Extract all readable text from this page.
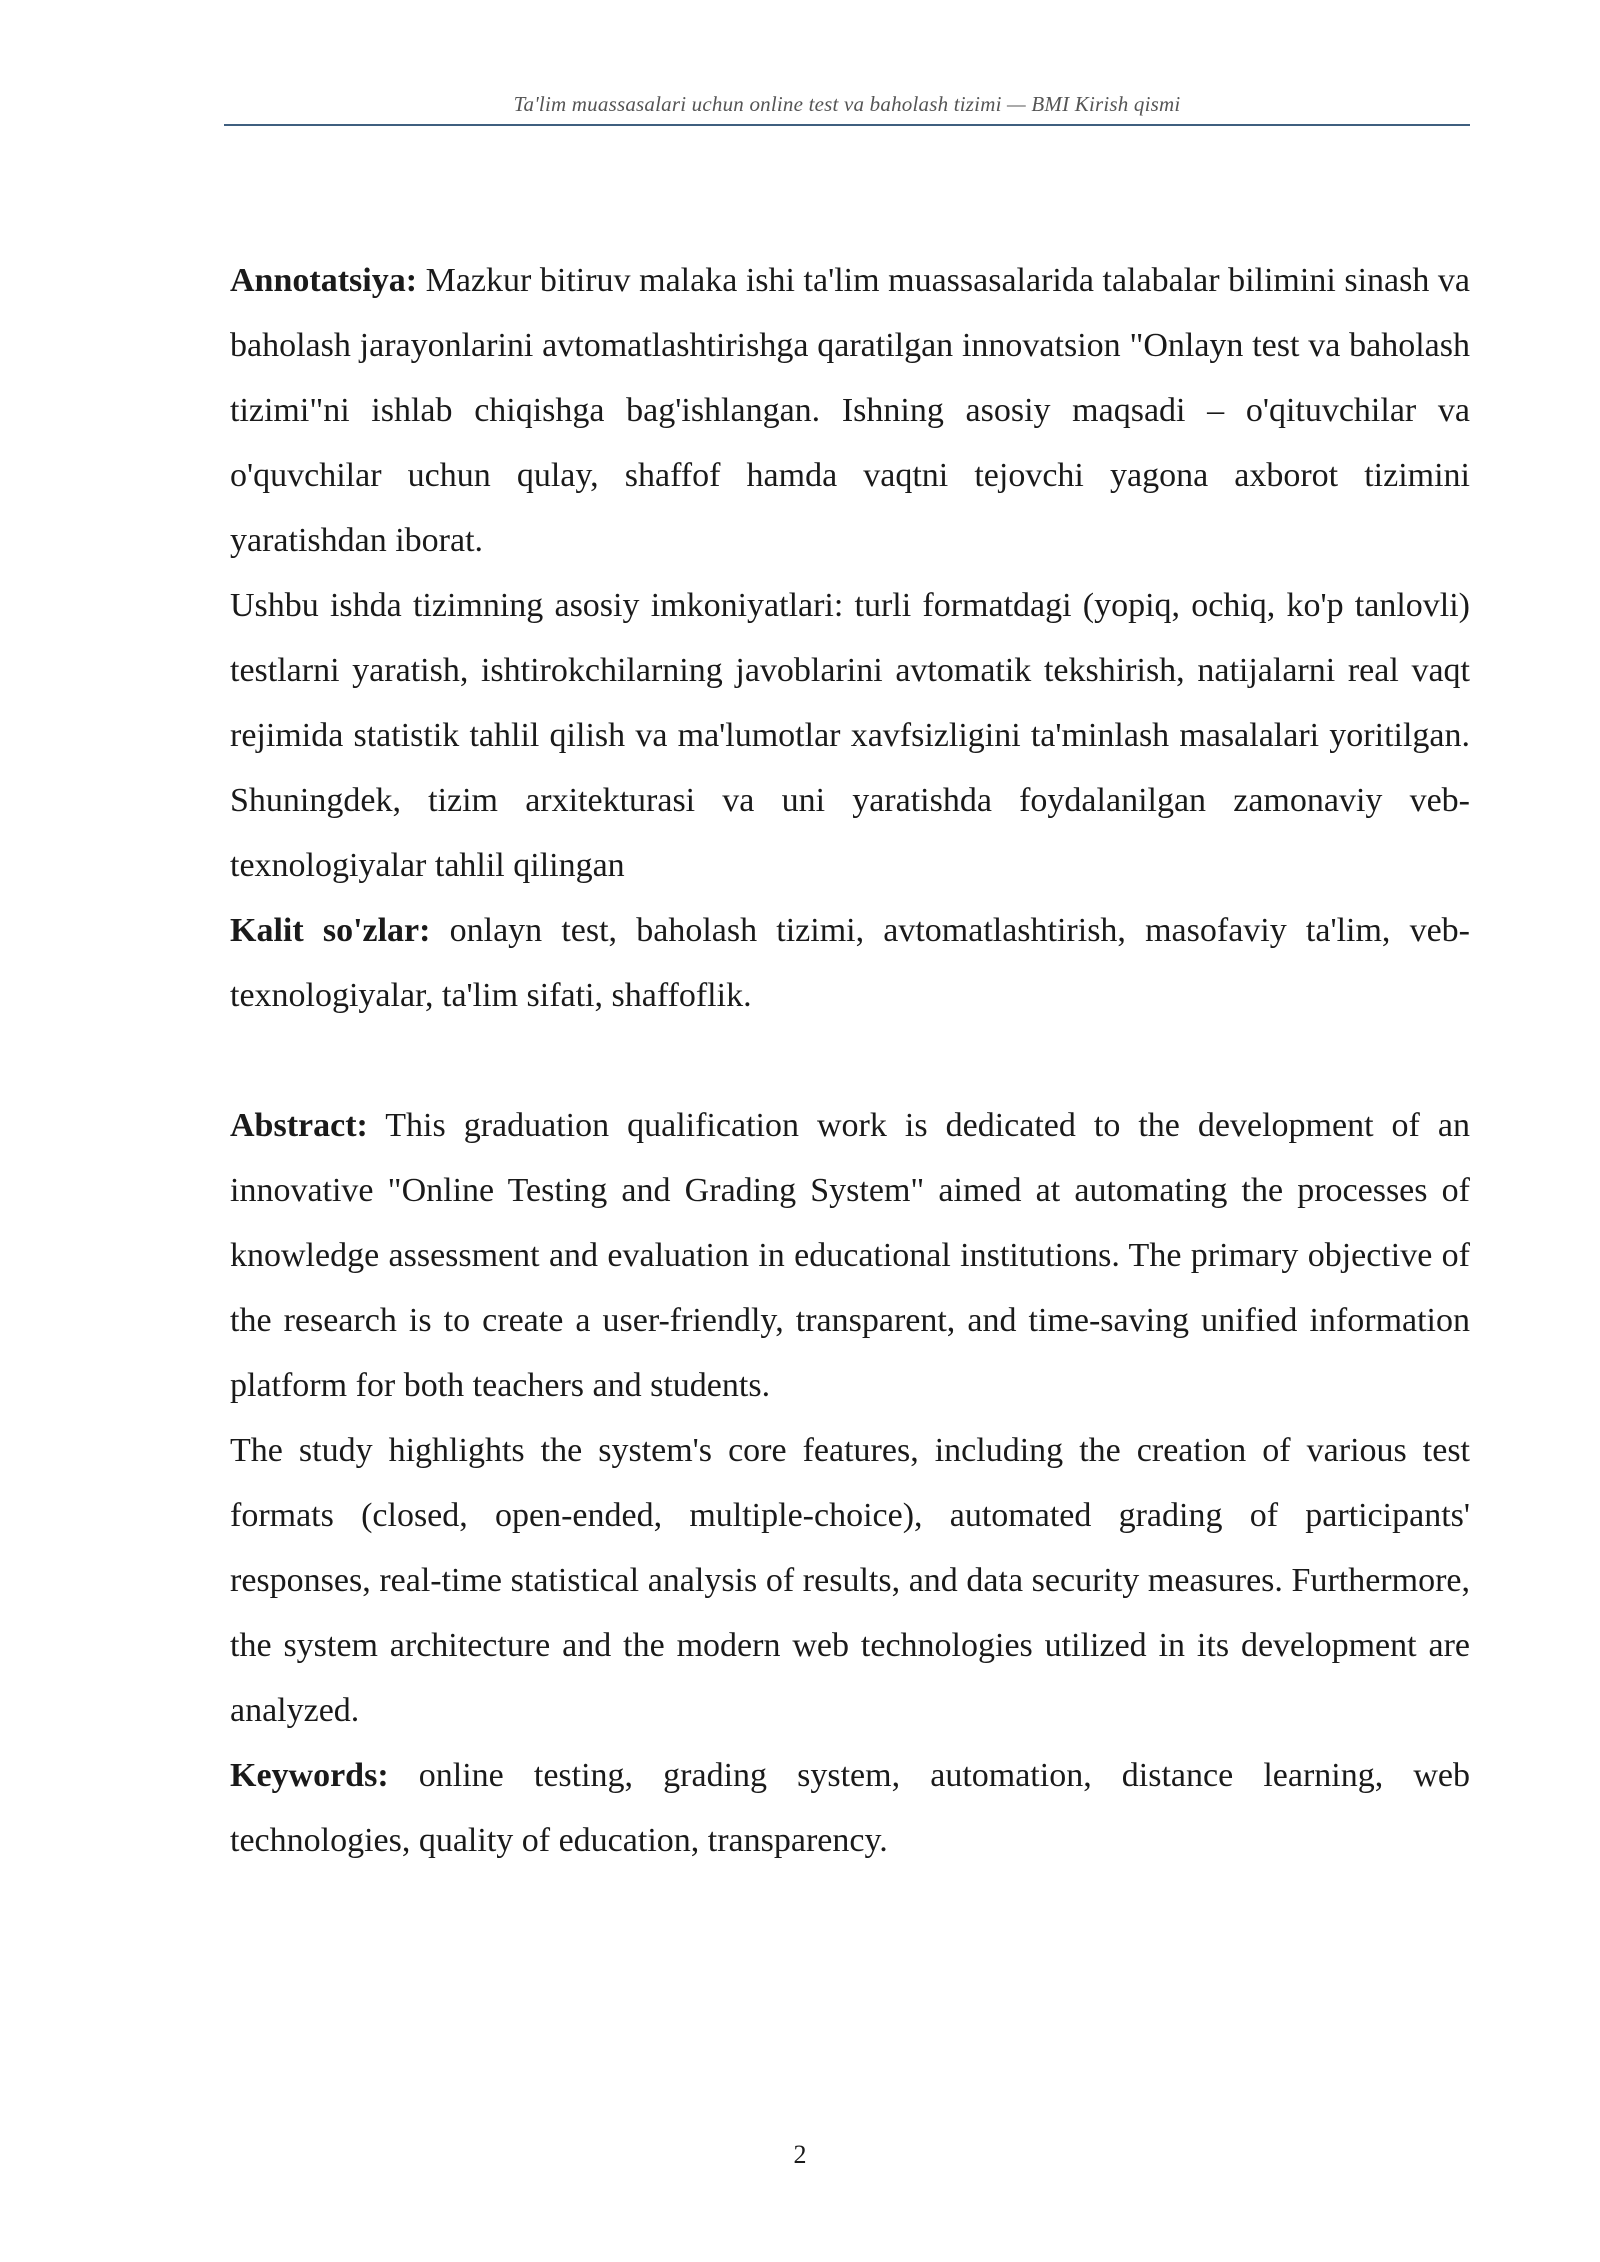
Ta'lim muassasalari uchun online test va baholash tizimi — BMI Kirish qismi

Annotatsiya: Mazkur bitiruv malaka ishi ta'lim muassasalarida talabalar bilimini sinash va baholash jarayonlarini avtomatlashtirishga qaratilgan innovatsion "Onlayn test va baholash tizimi"ni ishlab chiqishga bag'ishlangan. Ishning asosiy maqsadi – o'qituvchilar va o'quvchilar uchun qulay, shaffof hamda vaqtni tejovchi yagona axborot tizimini yaratishdan iborat.

Ushbu ishda tizimning asosiy imkoniyatlari: turli formatdagi (yopiq, ochiq, ko'p tanlovli) testlarni yaratish, ishtirokchilarning javoblarini avtomatik tekshirish, natijalarni real vaqt rejimida statistik tahlil qilish va ma'lumotlar xavfsizligini ta'minlash masalalari yoritilgan. Shuningdek, tizim arxitekturasi va uni yaratishda foydalanilgan zamonaviy veb-texnologiyalar tahlil qilingan

Kalit so'zlar: onlayn test, baholash tizimi, avtomatlashtirish, masofaviy ta'lim, veb-texnologiyalar, ta'lim sifati, shaffoflik.

Abstract: This graduation qualification work is dedicated to the development of an innovative "Online Testing and Grading System" aimed at automating the processes of knowledge assessment and evaluation in educational institutions. The primary objective of the research is to create a user-friendly, transparent, and time-saving unified information platform for both teachers and students.

The study highlights the system's core features, including the creation of various test formats (closed, open-ended, multiple-choice), automated grading of participants' responses, real-time statistical analysis of results, and data security measures. Furthermore, the system architecture and the modern web technologies utilized in its development are analyzed.

Keywords: online testing, grading system, automation, distance learning, web technologies, quality of education, transparency.

2
